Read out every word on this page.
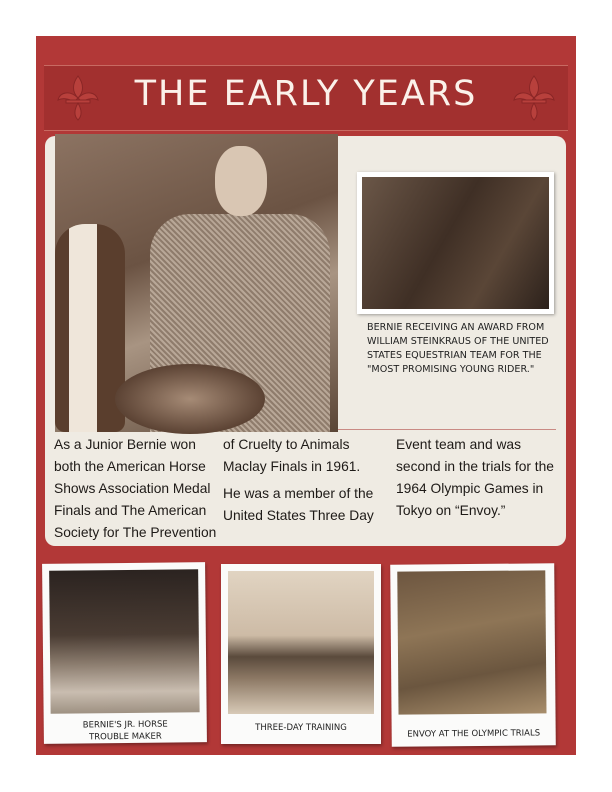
THE EARLY YEARS
BERNIE RECEIVING AN AWARD FROM WILLIAM STEINKRAUS OF THE UNITED STATES EQUESTRIAN TEAM FOR THE "MOST PROMISING YOUNG RIDER."

As a Junior Bernie won both the American Horse Shows Association Medal Finals and The American Society for The Prevention

of Cruelty to Animals Maclay Finals in 1961.

He was a member of the United States Three Day

Event team and was second in the trials for the 1964 Olympic Games in Tokyo on “Envoy.”

BERNIE'S JR. HORSE
TROUBLE MAKER
THREE-DAY TRAINING
ENVOY AT THE OLYMPIC TRIALS
